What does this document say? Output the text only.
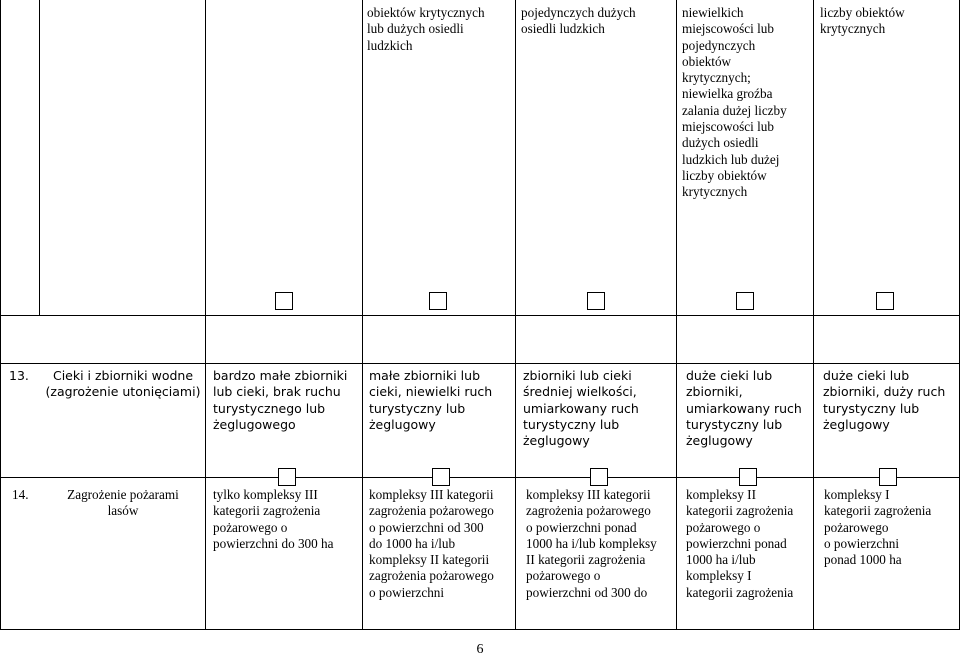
obiektów krytycznych
lub dużych osiedli
ludzkich
pojedynczych dużych
osiedli ludzkich
niewielkich
miejscowości lub
pojedynczych
obiektów
krytycznych;
niewielka groźba
zalania dużej liczby
miejscowości lub
dużych osiedli
ludzkich lub dużej
liczby obiektów
krytycznych
liczby obiektów
krytycznych
13.	Cieki i zbiorniki wodne
(zagrożenie utonięciami)
bardzo małe zbiorniki
lub cieki, brak ruchu
turystycznego lub
żeglugowego
małe zbiorniki lub
cieki, niewielki ruch
turystyczny lub
żeglugowy
zbiorniki lub cieki
średniej wielkości,
umiarkowany ruch
turystyczny lub
żeglugowy
duże cieki lub
zbiorniki,
umiarkowany ruch
turystyczny lub
żeglugowy
duże cieki lub
zbiorniki, duży ruch
turystyczny lub
żeglugowy
14.	Zagrożenie pożarami
lasów
tylko kompleksy III
kategorii zagrożenia
pożarowego o
powierzchni do 300 ha
kompleksy III kategorii
zagrożenia pożarowego
o powierzchni od 300
do 1000 ha i/lub
kompleksy II kategorii
zagrożenia pożarowego
o powierzchni
kompleksy III kategorii
zagrożenia pożarowego
o powierzchni ponad
1000 ha i/lub kompleksy
II kategorii zagrożenia
pożarowego o
powierzchni od 300 do
kompleksy II
kategorii zagrożenia
pożarowego o
powierzchni ponad
1000 ha i/lub
kompleksy I
kategorii zagrożenia
kompleksy I
kategorii zagrożenia
pożarowego
o powierzchni
ponad 1000 ha
6
